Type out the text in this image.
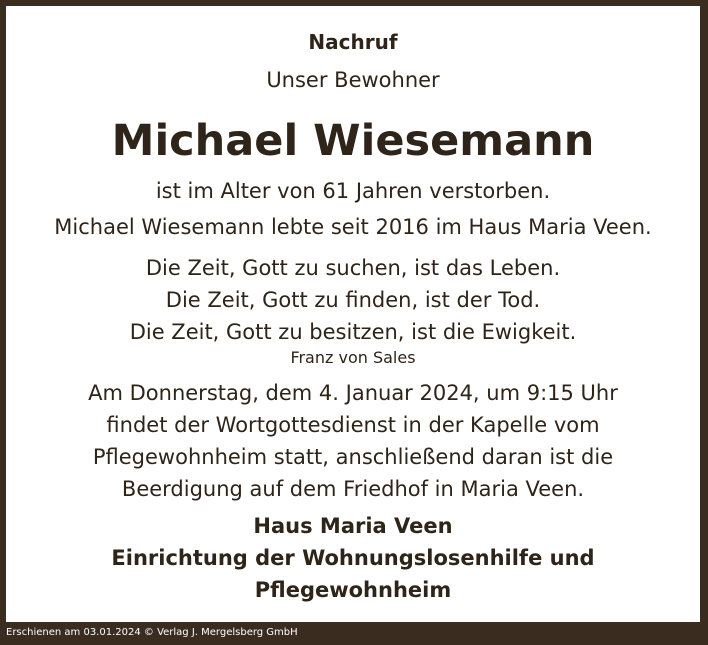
Nachruf
Unser Bewohner
Michael Wiesemann
ist im Alter von 61 Jahren verstorben.
Michael Wiesemann lebte seit 2016 im Haus Maria Veen.
Die Zeit, Gott zu suchen, ist das Leben.
Die Zeit, Gott zu finden, ist der Tod.
Die Zeit, Gott zu besitzen, ist die Ewigkeit.
Franz von Sales
Am Donnerstag, dem 4. Januar 2024, um 9:15 Uhr
findet der Wortgottesdienst in der Kapelle vom
Pflegewohnheim statt, anschließend daran ist die
Beerdigung auf dem Friedhof in Maria Veen.
Haus Maria Veen
Einrichtung der Wohnungslosenhilfe und
Pflegewohnheim
Erschienen am 03.01.2024 © Verlag J. Mergelsberg GmbH
